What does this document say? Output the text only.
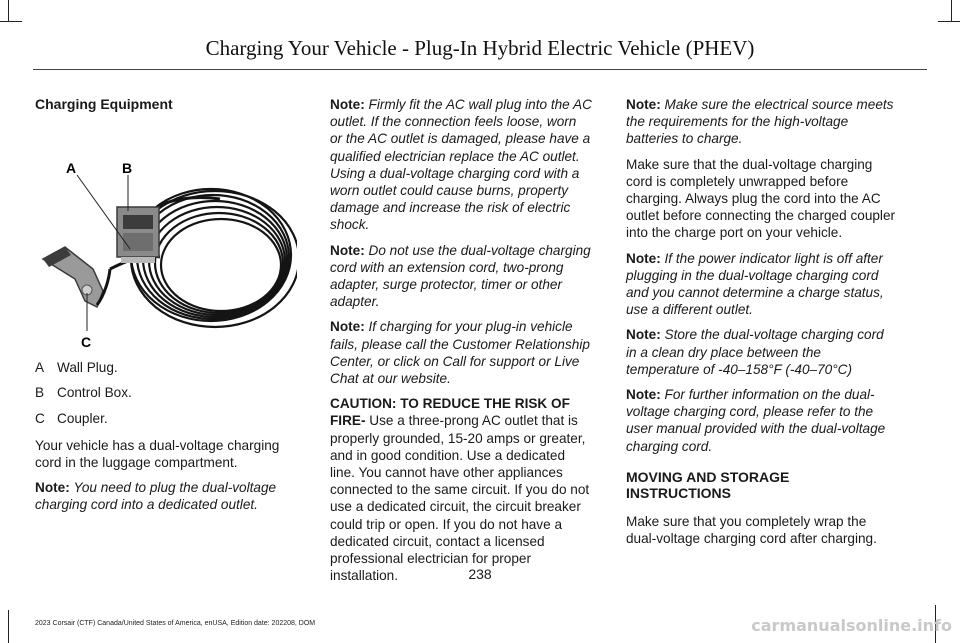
Charging Your Vehicle - Plug-In Hybrid Electric Vehicle (PHEV)
Charging Equipment
A	B
C
A Wall Plug.
B Control Box.
C Coupler.

Your vehicle has a dual-voltage charging cord in the luggage compartment.

Note: You need to plug the dual-voltage charging cord into a dedicated outlet.

Note: Firmly fit the AC wall plug into the AC outlet. If the connection feels loose, worn or the AC outlet is damaged, please have a qualified electrician replace the AC outlet. Using a dual-voltage charging cord with a worn outlet could cause burns, property damage and increase the risk of electric shock.

Note: Do not use the dual-voltage charging cord with an extension cord, two-prong adapter, surge protector, timer or other adapter.

Note: If charging for your plug-in vehicle fails, please call the Customer Relationship Center, or click on Call for support or Live Chat at our website.

CAUTION: TO REDUCE THE RISK OF FIRE- Use a three-prong AC outlet that is properly grounded, 15-20 amps or greater, and in good condition. Use a dedicated line. You cannot have other appliances connected to the same circuit. If you do not use a dedicated circuit, the circuit breaker could trip or open. If you do not have a dedicated circuit, contact a licensed professional electrician for proper installation.

Note: Make sure the electrical source meets the requirements for the high-voltage batteries to charge.

Make sure that the dual-voltage charging cord is completely unwrapped before charging. Always plug the cord into the AC outlet before connecting the charged coupler into the charge port on your vehicle.

Note: If the power indicator light is off after plugging in the dual-voltage charging cord and you cannot determine a charge status, use a different outlet.

Note: Store the dual-voltage charging cord in a clean dry place between the temperature of -40–158°F (-40–70°C)

Note: For further information on the dual-voltage charging cord, please refer to the user manual provided with the dual-voltage charging cord.

MOVING AND STORAGE INSTRUCTIONS

Make sure that you completely wrap the dual-voltage charging cord after charging.

238
2023 Corsair (CTF) Canada/United States of America, enUSA, Edition date: 202208, DOM	carmanualsonline.info
